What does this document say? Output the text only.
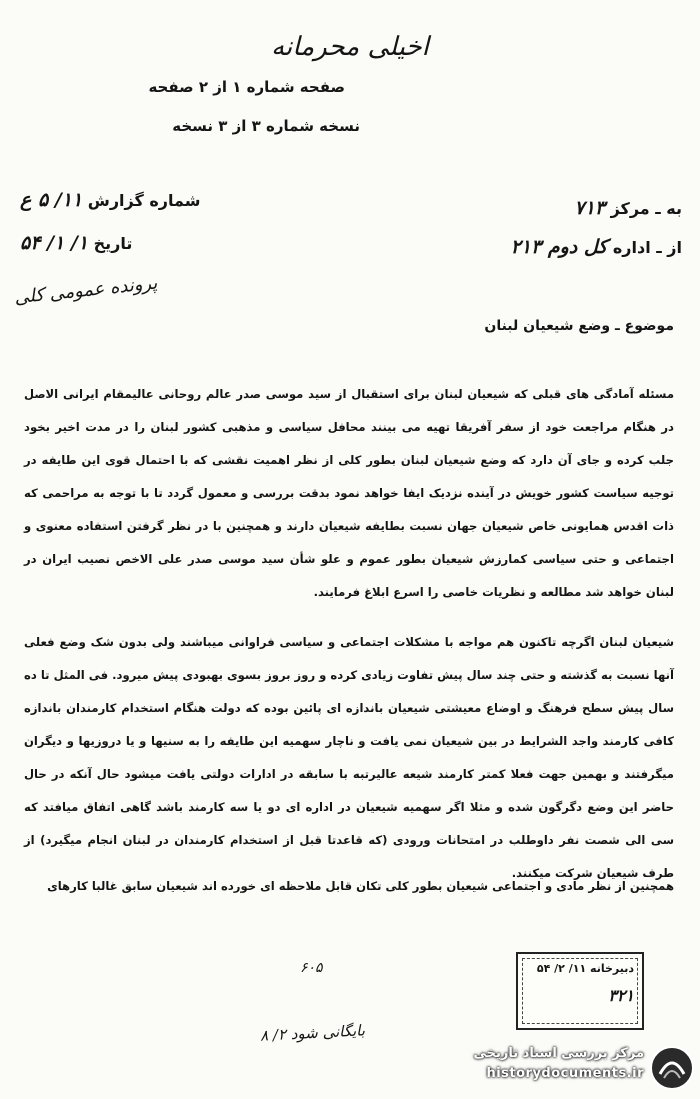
اخیلی محرمانه
صفحه شماره ۱ از ۲ صفحه
نسخه شماره ۳ از ۳ نسخه
به ـ مرکز ۷۱۳
از ـ اداره کل دوم ۲۱۳
شماره گزارش ۱۱/ ۵ ع
تاریخ ۱/ ۱/ ۵۴
پرونده عمومی کلی
موضوع ـ وضع شیعیان لبنان
مسئله آمادگی های قبلی که شیعیان لبنان برای استقبال از سید موسی صدر عالم روحانی عالیمقام ایرانی الاصل در هنگام مراجعت خود از سفر آفریقا تهیه می بینند محافل سیاسی و مذهبی کشور لبنان را در مدت اخیر بخود جلب کرده و جای آن دارد که وضع شیعیان لبنان بطور کلی از نظر اهمیت نقشی که با احتمال قوی این طایفه در توجیه سیاست کشور خویش در آینده نزدیک ایفا خواهد نمود بدقت بررسی و معمول گردد تا با توجه به مراحمی که ذات اقدس همایونی خاص شیعیان جهان نسبت بطایفه شیعیان دارند و همچنین با در نظر گرفتن استفاده معنوی و اجتماعی و حتی سیاسی کمارزش شیعیان بطور عموم و علو شأن سید موسی صدر علی الاخص نصیب ایران در لبنان خواهد شد مطالعه و نظریات خاصی را اسرع ابلاغ فرمایند.
شیعیان لبنان اگرچه تاکنون هم مواجه با مشکلات اجتماعی و سیاسی فراوانی میباشند ولی بدون شک وضع فعلی آنها نسبت به گذشته و حتی چند سال پیش تفاوت زیادی کرده و روز بروز بسوی بهبودی پیش میرود. فی المثل تا ده سال پیش سطح فرهنگ و اوضاع معیشتی شیعیان باندازه ای پائین بوده که دولت هنگام استخدام کارمندان باندازه کافی کارمند واجد الشرایط در بین شیعیان نمی یافت و ناچار سهمیه این طایفه را به سنیها و یا دروزیها و دیگران میگرفتند و بهمین جهت فعلا کمتر کارمند شیعه عالیرتبه با سابقه در ادارات دولتی یافت میشود حال آنکه در حال حاضر این وضع دگرگون شده و مثلا اگر سهمیه شیعیان در اداره ای دو یا سه کارمند باشد گاهی اتفاق میافتد که سی الی شصت نفر داوطلب در امتحانات ورودی (که قاعدتا قبل از استخدام کارمندان در لبنان انجام میگیرد) از طرف شیعیان شرکت میکنند.
همچنین از نظر مادی و اجتماعی شیعیان بطور کلی تکان قابل ملاحظه ای خورده اند شیعیان سابق غالبا کارهای
دبیرخانه ۱۱/ ۲/ ۵۴
۳۲۱
۶۰۵
بایگانی شود ۲/ ۸
مرکز بررسی اسناد تاریخی
historydocuments.ir
